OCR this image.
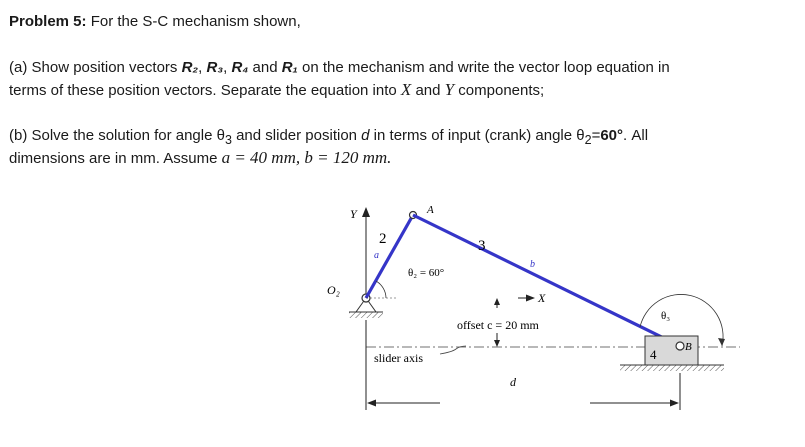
Problem 5: For the S-C mechanism shown,
(a) Show position vectors R₂, R₃, R₄ and R₁ on the mechanism and write the vector loop equation in
terms of these position vectors. Separate the equation into X and Y components;
(b) Solve the solution for angle $\theta_3$ and slider position d in terms of input (crank) angle $\theta_2=60^\circ$. All
dimensions are in mm. Assume a = 40 mm, b = 120 mm.
Y
O₂
A
2
a
θ₂ = 60°
3
b
X
offset c = 20 mm
slider axis
d
B
4
θ₃
